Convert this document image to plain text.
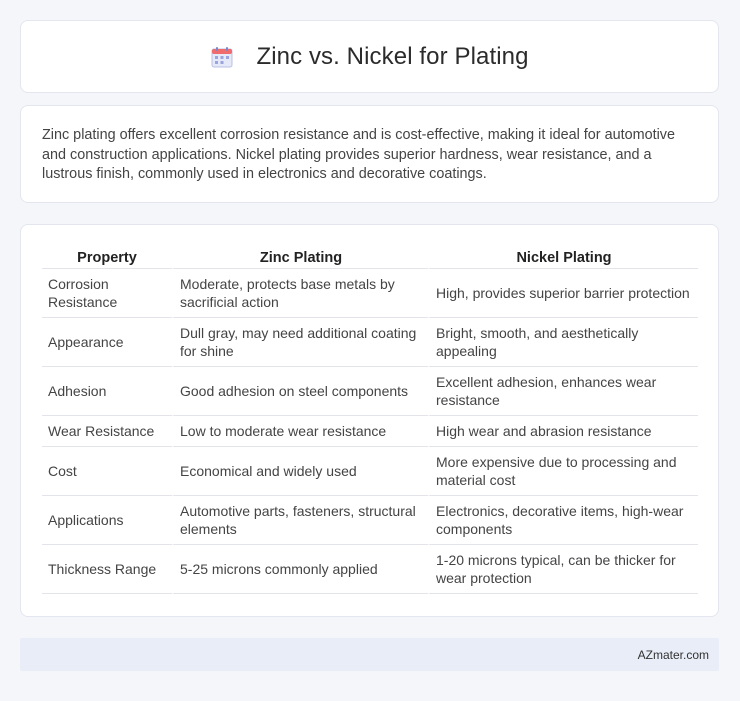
Zinc vs. Nickel for Plating

Zinc plating offers excellent corrosion resistance and is cost-effective, making it ideal for automotive and construction applications. Nickel plating provides superior hardness, wear resistance, and a lustrous finish, commonly used in electronics and decorative coatings.

Property	Zinc Plating	Nickel Plating
Corrosion Resistance	Moderate, protects base metals by sacrificial action	High, provides superior barrier protection
Appearance	Dull gray, may need additional coating for shine	Bright, smooth, and aesthetically appealing
Adhesion	Good adhesion on steel components	Excellent adhesion, enhances wear resistance
Wear Resistance	Low to moderate wear resistance	High wear and abrasion resistance
Cost	Economical and widely used	More expensive due to processing and material cost
Applications	Automotive parts, fasteners, structural elements	Electronics, decorative items, high-wear components
Thickness Range	5-25 microns commonly applied	1-20 microns typical, can be thicker for wear protection
AZmater.com
